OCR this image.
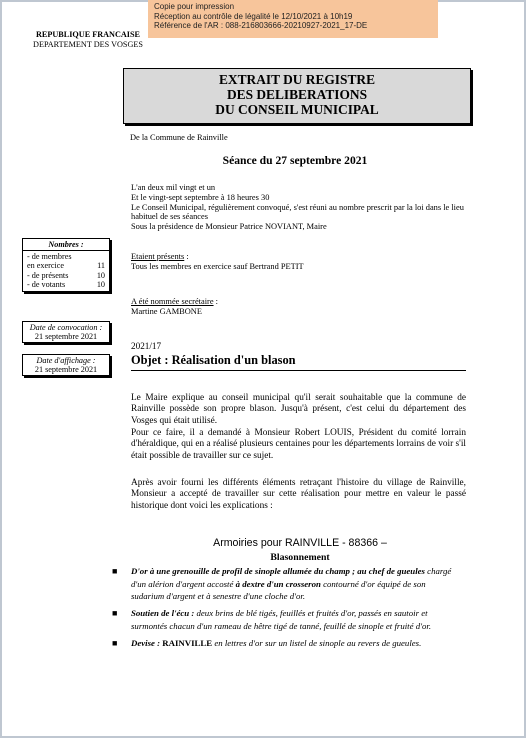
Copie pour impression
Réception au contrôle de légalité le 12/10/2021 à 10h19
Référence de l'AR : 088-216803666-20210927-2021_17-DE
REPUBLIQUE FRANCAISE
DEPARTEMENT DES VOSGES
EXTRAIT DU REGISTRE
DES DELIBERATIONS
DU CONSEIL MUNICIPAL
De la Commune de Rainville
Séance du 27 septembre 2021
L'an deux mil vingt et un
Et le vingt-sept septembre à 18 heures 30
Le Conseil Municipal, régulièrement convoqué, s'est réuni au nombre prescrit par la loi dans le lieu habituel de ses séances
Sous la présidence de Monsieur Patrice NOVIANT, Maire
Nombres :
- de membres
en exercice	11
- de présents	10
- de votants	10
Date de convocation :
21 septembre 2021
Date d'affichage :
21 septembre 2021
Etaient présents :
Tous les membres en exercice sauf Bertrand PETIT
A été nommée secrétaire :
Martine GAMBONE
2021/17
Objet : Réalisation d'un blason
Le Maire explique au conseil municipal qu'il serait souhaitable que la commune de Rainville possède son propre blason. Jusqu'à présent, c'est celui du département des Vosges qui était utilisé.
Pour ce faire, il a demandé à Monsieur Robert LOUIS, Président du comité lorrain d'héraldique, qui en a réalisé plusieurs centaines pour les départements lorrains de voir s'il était possible de travailler sur ce sujet.
Après avoir fourni les différents éléments retraçant l'histoire du village de Rainville, Monsieur a accepté de travailler sur cette réalisation pour mettre en valeur le passé historique dont voici les explications :
Armoiries pour RAINVILLE - 88366 –
Blasonnement
■	D'or à une grenouille de profil de sinople allumée du champ ; au chef de gueules chargé d'un alérion d'argent accosté à dextre d'un crosseron contourné d'or équipé de son sudarium d'argent et à senestre d'une cloche d'or.
■	Soutien de l'écu : deux brins de blé tigés, feuillés et fruités d'or, passés en sautoir et surmontés chacun d'un rameau de hêtre tigé de tanné, feuillé de sinople et fruité d'or.
■	Devise : RAINVILLE en lettres d'or sur un listel de sinople au revers de gueules.
